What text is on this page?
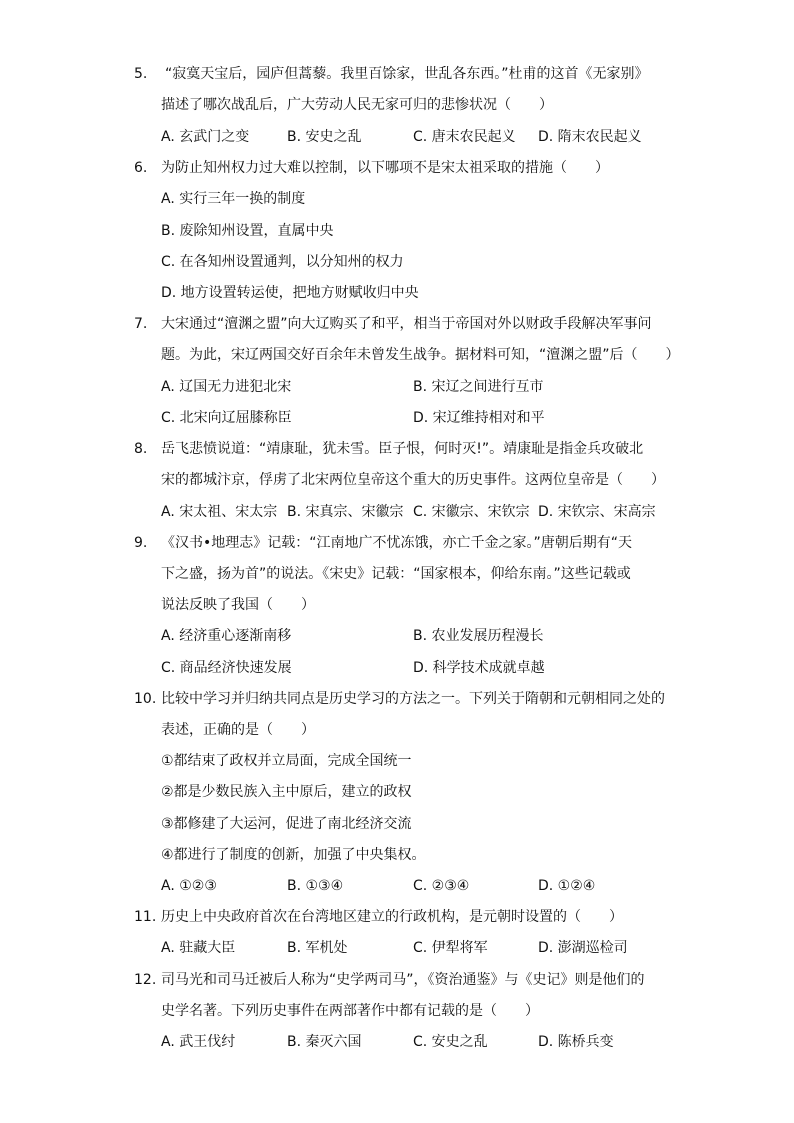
5.	“寂寞天宝后，园庐但蒿藜。我里百馀家，世乱各东西。”杜甫的这首《无家别》
描述了哪次战乱后，广大劳动人民无家可归的悲惨状况（　　）
A. 玄武门之变	B. 安史之乱	C. 唐末农民起义 D. 隋末农民起义
6. 为防止知州权力过大难以控制，以下哪项不是宋太祖采取的措施（　　）
A. 实行三年一换的制度
B. 废除知州设置，直属中央
C. 在各知州设置通判，以分知州的权力
D. 地方设置转运使，把地方财赋收归中央
7. 大宋通过“澶渊之盟”向大辽购买了和平，相当于帝国对外以财政手段解决军事问
题。为此，宋辽两国交好百余年未曾发生战争。据材料可知，“澶渊之盟”后（　　）
A. 辽国无力进犯北宋	B. 宋辽之间进行互市
C. 北宋向辽屈膝称臣	D. 宋辽维持相对和平
8. 岳飞悲愤说道：“靖康耻，犹未雪。臣子恨，何时灭!”。靖康耻是指金兵攻破北
宋的都城汴京，俘虏了北宋两位皇帝这个重大的历史事件。这两位皇帝是（　　）
A. 宋太祖、宋太宗 B. 宋真宗、宋徽宗 C. 宋徽宗、宋钦宗 D. 宋钦宗、宋高宗
9. 《汉书•地理志》记载：“江南地广不忧冻饿，亦亡千金之家。”唐朝后期有“天
下之盛，扬为首”的说法。《宋史》记载：“国家根本，仰给东南。”这些记载或
说法反映了我国（　　）
A. 经济重心逐渐南移	B. 农业发展历程漫长
C. 商品经济快速发展	D. 科学技术成就卓越
10. 比较中学习并归纳共同点是历史学习的方法之一。下列关于隋朝和元朝相同之处的
表述，正确的是（　　）
①都结束了政权并立局面，完成全国统一
②都是少数民族入主中原后，建立的政权
③都修建了大运河，促进了南北经济交流
④都进行了制度的创新，加强了中央集权。
A. ①②③	B. ①③④	C. ②③④	D. ①②④
11. 历史上中央政府首次在台湾地区建立的行政机构，是元朝时设置的（　　）
A. 驻藏大臣	B. 军机处	C. 伊犁将军	D. 澎湖巡检司
12. 司马光和司马迁被后人称为“史学两司马”，《资治通鉴》与《史记》则是他们的
史学名著。下列历史事件在两部著作中都有记载的是（　　）
A. 武王伐纣	B. 秦灭六国	C. 安史之乱	D. 陈桥兵变
